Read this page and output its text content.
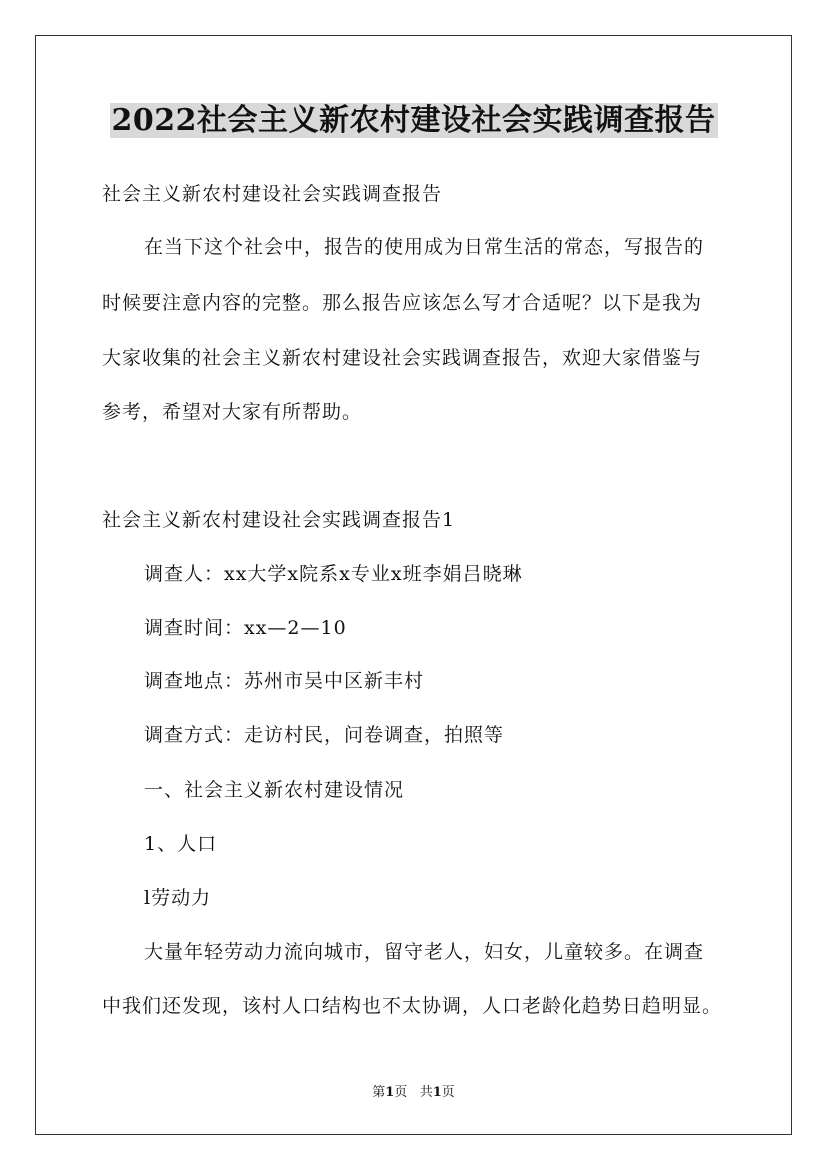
2022社会主义新农村建设社会实践调查报告
社会主义新农村建设社会实践调查报告
在当下这个社会中，报告的使用成为日常生活的常态，写报告的
时候要注意内容的完整。那么报告应该怎么写才合适呢？以下是我为
大家收集的社会主义新农村建设社会实践调查报告，欢迎大家借鉴与
参考，希望对大家有所帮助。
社会主义新农村建设社会实践调查报告1
调查人：xx大学x院系x专业x班李娟吕晓琳
调查时间：xx—2—10
调查地点：苏州市吴中区新丰村
调查方式：走访村民，问卷调查，拍照等
一、社会主义新农村建设情况
1、人口
l劳动力
大量年轻劳动力流向城市，留守老人，妇女，儿童较多。在调查
中我们还发现，该村人口结构也不太协调，人口老龄化趋势日趋明显。
第1页 共1页
